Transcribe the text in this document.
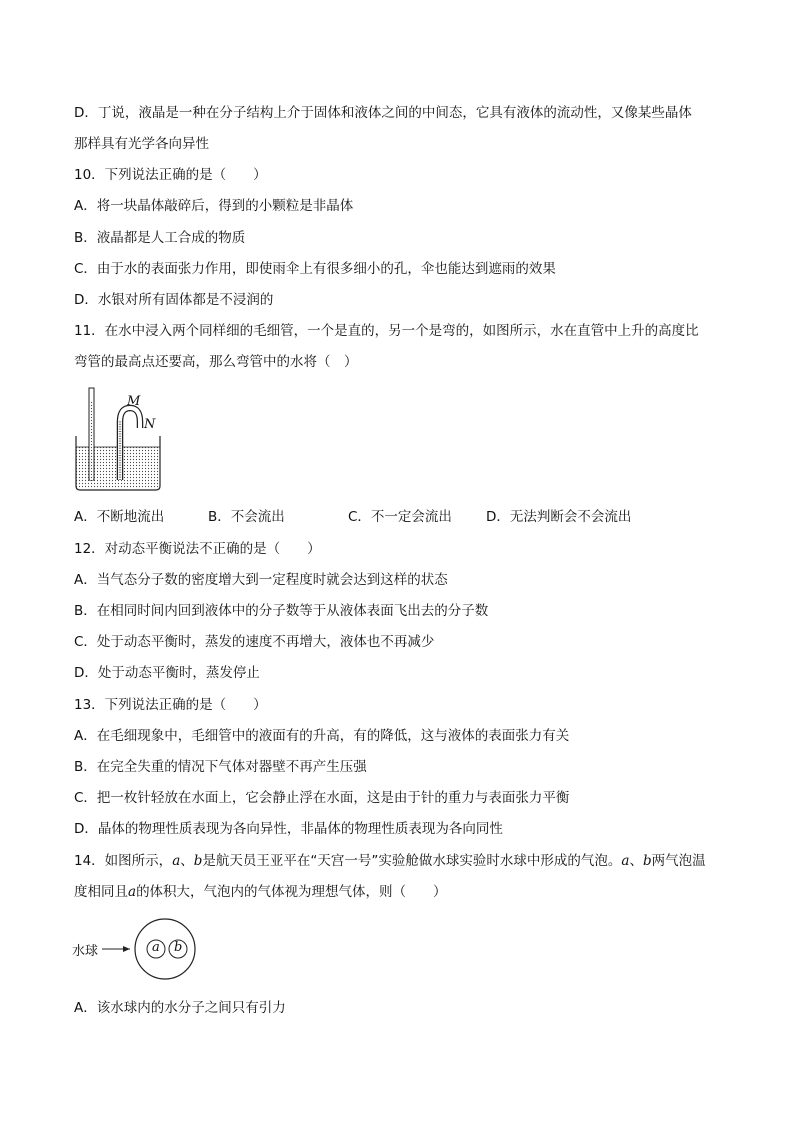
D．丁说，液晶是一种在分子结构上介于固体和液体之间的中间态，它具有液体的流动性，又像某些晶体
那样具有光学各向异性
10．下列说法正确的是（　　）
A．将一块晶体敲碎后，得到的小颗粒是非晶体
B．液晶都是人工合成的物质
C．由于水的表面张力作用，即使雨伞上有很多细小的孔，伞也能达到遮雨的效果
D．水银对所有固体都是不浸润的
11．在水中浸入两个同样细的毛细管，一个是直的，另一个是弯的，如图所示，水在直管中上升的高度比
弯管的最高点还要高，那么弯管中的水将（　）
M
N
A．不断地流出	B．不会流出	C．不一定会流出	D．无法判断会不会流出
12．对动态平衡说法不正确的是（　　）
A．当气态分子数的密度增大到一定程度时就会达到这样的状态
B．在相同时间内回到液体中的分子数等于从液体表面飞出去的分子数
C．处于动态平衡时，蒸发的速度不再增大，液体也不再减少
D．处于动态平衡时，蒸发停止
13．下列说法正确的是（　　）
A．在毛细现象中，毛细管中的液面有的升高，有的降低，这与液体的表面张力有关
B．在完全失重的情况下气体对器壁不再产生压强
C．把一枚针轻放在水面上，它会静止浮在水面，这是由于针的重力与表面张力平衡
D．晶体的物理性质表现为各向异性，非晶体的物理性质表现为各向同性
14．如图所示，a、b是航天员王亚平在“天宫一号”实验舱做水球实验时水球中形成的气泡。a、b两气泡温
度相同且a的体积大，气泡内的气体视为理想气体，则（　　）
水球	a b
A．该水球内的水分子之间只有引力
